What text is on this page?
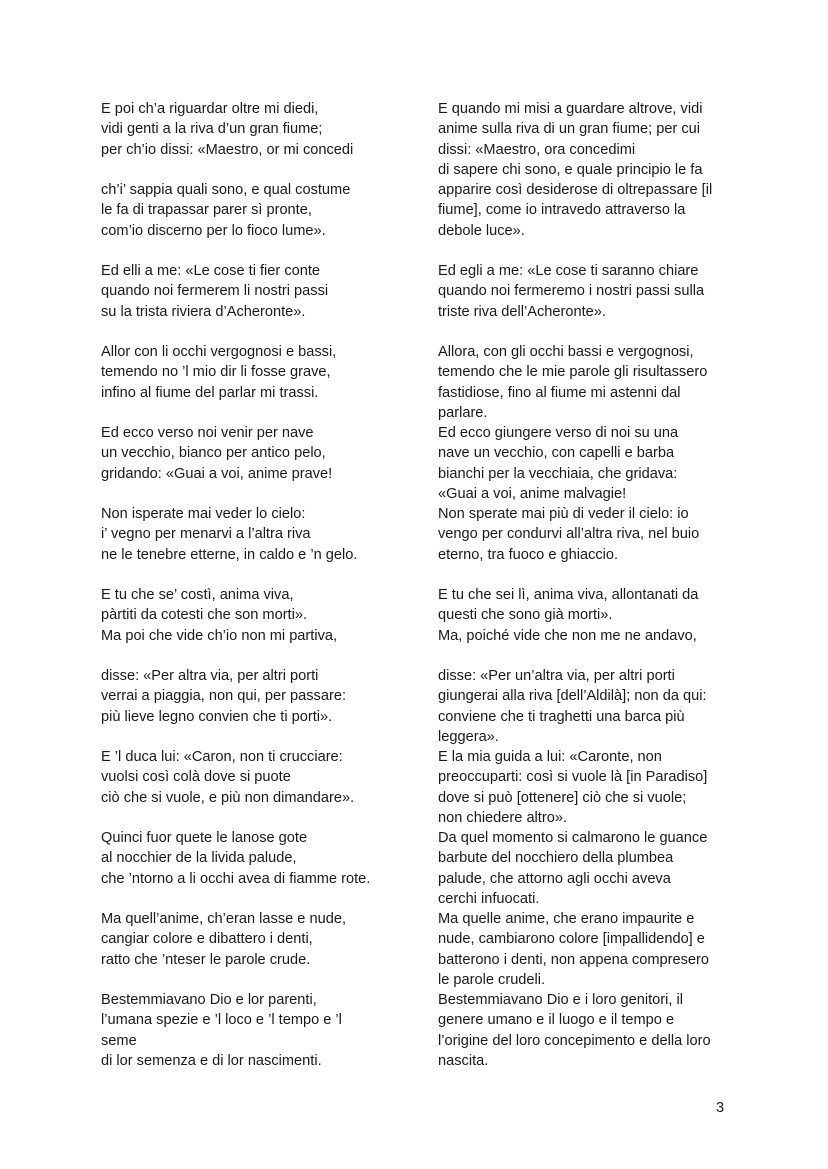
E poi ch’a riguardar oltre mi diedi,
vidi genti a la riva d’un gran fiume;
per ch’io dissi: «Maestro, or mi concedi
ch’i’ sappia quali sono, e qual costume
le fa di trapassar parer sì pronte,
com’io discerno per lo fioco lume».
Ed elli a me: «Le cose ti fier conte
quando noi fermerem li nostri passi
su la trista riviera d’Acheronte».
Allor con li occhi vergognosi e bassi,
temendo no ’l mio dir li fosse grave,
infino al fiume del parlar mi trassi.
Ed ecco verso noi venir per nave
un vecchio, bianco per antico pelo,
gridando: «Guai a voi, anime prave!
Non isperate mai veder lo cielo:
i’ vegno per menarvi a l’altra riva
ne le tenebre etterne, in caldo e ’n gelo.
E tu che se’ costì, anima viva,
pàrtiti da cotesti che son morti».
Ma poi che vide ch’io non mi partiva,
disse: «Per altra via, per altri porti
verrai a piaggia, non qui, per passare:
più lieve legno convien che ti porti».
E ’l duca lui: «Caron, non ti crucciare:
vuolsi così colà dove si puote
ciò che si vuole, e più non dimandare».
Quinci fuor quete le lanose gote
al nocchier de la livida palude,
che ’ntorno a li occhi avea di fiamme rote.
Ma quell’anime, ch’eran lasse e nude,
cangiar colore e dibattero i denti,
ratto che ’nteser le parole crude.
Bestemmiavano Dio e lor parenti,
l’umana spezie e ’l loco e ’l tempo e ’l
seme
di lor semenza e di lor nascimenti.
E quando mi misi a guardare altrove, vidi
anime sulla riva di un gran fiume; per cui
dissi: «Maestro, ora concedimi
di sapere chi sono, e quale principio le fa
apparire così desiderose di oltrepassare [il
fiume], come io intravedo attraverso la
debole luce».
Ed egli a me: «Le cose ti saranno chiare
quando noi fermeremo i nostri passi sulla
triste riva dell’Acheronte».
Allora, con gli occhi bassi e vergognosi,
temendo che le mie parole gli risultassero
fastidiose, fino al fiume mi astenni dal
parlare.
Ed ecco giungere verso di noi su una
nave un vecchio, con capelli e barba
bianchi per la vecchiaia, che gridava:
«Guai a voi, anime malvagie!
Non sperate mai più di veder il cielo: io
vengo per condurvi all’altra riva, nel buio
eterno, tra fuoco e ghiaccio.
E tu che sei lì, anima viva, allontanati da
questi che sono già morti».
Ma, poiché vide che non me ne andavo,
disse: «Per un’altra via, per altri porti
giungerai alla riva [dell’Aldilà]; non da qui:
conviene che ti traghetti una barca più
leggera».
E la mia guida a lui: «Caronte, non
preoccuparti: così si vuole là [in Paradiso]
dove si può [ottenere] ciò che si vuole;
non chiedere altro».
Da quel momento si calmarono le guance
barbute del nocchiero della plumbea
palude, che attorno agli occhi aveva
cerchi infuocati.
Ma quelle anime, che erano impaurite e
nude, cambiarono colore [impallidendo] e
batterono i denti, non appena compresero
le parole crudeli.
Bestemmiavano Dio e i loro genitori, il
genere umano e il luogo e il tempo e
l’origine del loro concepimento e della loro
nascita.
3
